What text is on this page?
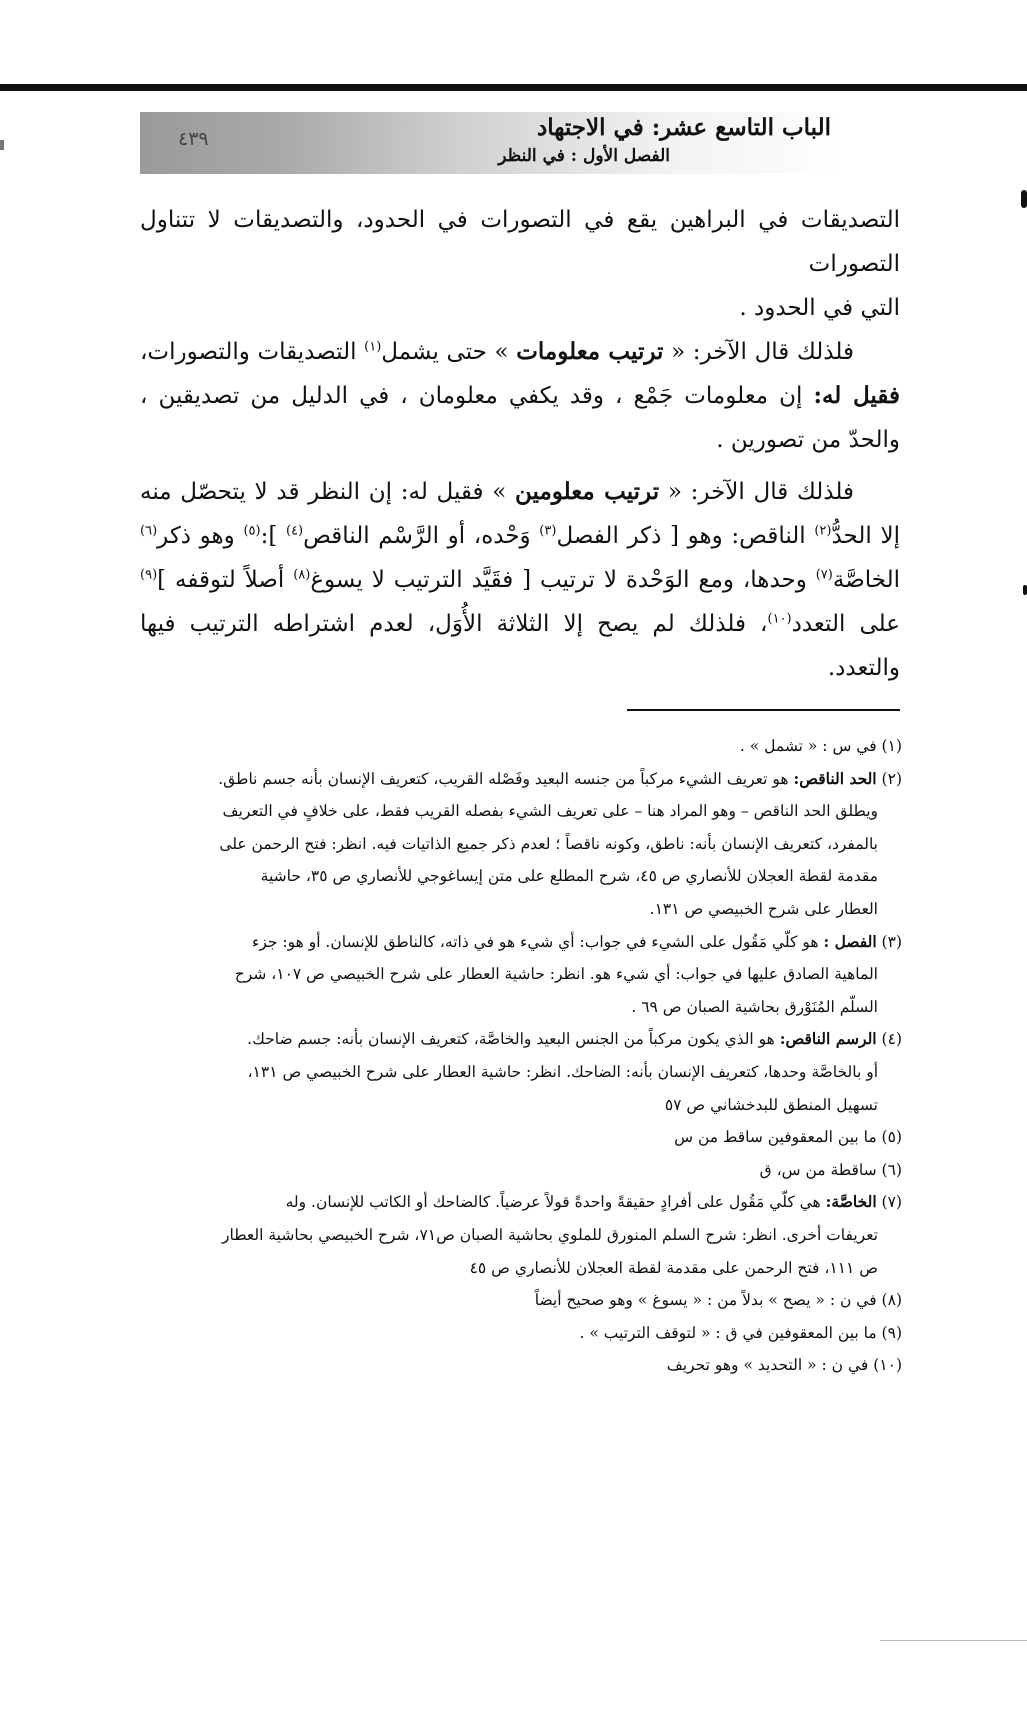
الباب التاسع عشر: في الاجتهاد
الفصل الأول : في النظر
٤٣٩

التصديقات في البراهين يقع في التصورات في الحدود، والتصديقات لا تتناول التصورات
التي في الحدود .

فلذلك قال الآخر: « ترتيب معلومات » حتى يشمل$^{(١)}$ التصديقات والتصورات، فقيل له: إن معلومات جَمْع ، وقد يكفي معلومان ، في الدليل من تصديقين ، والحدّ من تصورين .

فلذلك قال الآخر: « ترتيب معلومين » فقيل له: إن النظر قد لا يتحصّل منه إلا الحدُّ$^{(٢)}$ الناقص: وهو [ ذكر الفصل$^{(٣)}$ وَحْده، أو الرَّسْم الناقص$^{(٤)}$ ]:$^{(٥)}$ وهو ذكر$^{(٦)}$ الخاصَّة$^{(٧)}$ وحدها، ومع الوَحْدة لا ترتيب [ فقَيَّد الترتيب لا يسوغ$^{(٨)}$ أصلاً لتوقفه ]$^{(٩)}$ على التعدد$^{(١٠)}$، فلذلك لم يصح إلا الثلاثة الأُوَل، لعدم اشتراطه الترتيب فيها والتعدد.

(١) في س : « تشمل » .
(٢) الحد الناقص: هو تعريف الشيء مركباً من جنسه البعيد وفَصْله القريب، كتعريف الإنسان بأنه جسم ناطق.
ويطلق الحد الناقص – وهو المراد هنا – على تعريف الشيء بفصله القريب فقط، على خلافٍ في التعريف
بالمفرد، كتعريف الإنسان بأنه: ناطق، وكونه ناقصاً ؛ لعدم ذكر جميع الذاتيات فيه. انظر: فتح الرحمن على
مقدمة لقطة العجلان للأنصاري ص ٤٥، شرح المطلع على متن إيساغوجي للأنصاري ص ٣٥، حاشية
العطار على شرح الخبيصي ص ١٣١.
(٣) الفصل : هو كلّي مَقُول على الشيء في جواب: أي شيء هو في ذاته، كالناطق للإنسان. أو هو: جزء
الماهية الصادق عليها في جواب: أي شيء هو. انظر: حاشية العطار على شرح الخبيصي ص ١٠٧، شرح
السلّم المُنَوْرق بحاشية الصبان ص ٦٩ .
(٤) الرسم الناقص: هو الذي يكون مركباً من الجنس البعيد والخاصَّة، كتعريف الإنسان بأنه: جسم ضاحك.
أو بالخاصَّة وحدها، كتعريف الإنسان بأنه: الضاحك. انظر: حاشية العطار على شرح الخبيصي ص ١٣١،
تسهيل المنطق للبدخشاني ص ٥٧
(٥) ما بين المعقوفين ساقط من س
(٦) ساقطة من س، ق
(٧) الخاصَّة: هي كلّي مَقُول على أفرادٍ حقيقةً واحدةً قولاً عرضياً. كالضاحك أو الكاتب للإنسان. وله
تعريفات أخرى. انظر: شرح السلم المنورق للملوي بحاشية الصبان ص٧١، شرح الخبيصي بحاشية العطار
ص ١١١، فتح الرحمن على مقدمة لقطة العجلان للأنصاري ص ٤٥
(٨) في ن : « يصح » بدلاً من : « يسوغ » وهو صحيح أيضاً
(٩) ما بين المعقوفين في ق : « لتوقف الترتيب » .
(١٠) في ن : « التحديد » وهو تحريف
